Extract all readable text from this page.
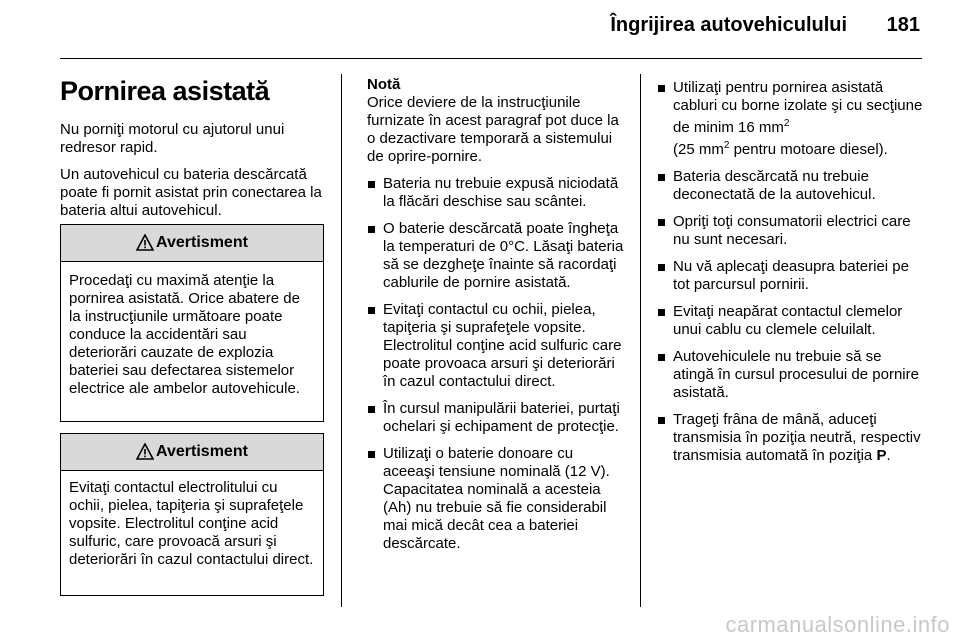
Îngrijirea autovehiculului 181
Pornirea asistată

Nu porniţi motorul cu ajutorul unui redresor rapid.

Un autovehicul cu bateria descărcată poate fi pornit asistat prin conectarea la bateria altui autovehicul.

Avertisment
Procedaţi cu maximă atenţie la pornirea asistată. Orice abatere de la instrucţiunile următoare poate conduce la accidentări sau deteriorări cauzate de explozia bateriei sau defectarea sistemelor electrice ale ambelor autovehicule.
Avertisment
Evitaţi contactul electrolitului cu ochii, pielea, tapiţeria şi suprafeţele vopsite. Electrolitul conţine acid sulfuric, care provoacă arsuri şi deteriorări în cazul contactului direct.
Notă

Orice deviere de la instrucţiunile furnizate în acest paragraf pot duce la o dezactivare temporară a sistemului de oprire-pornire.

Bateria nu trebuie expusă niciodată la flăcări deschise sau scântei.
O baterie descărcată poate îngheţa la temperaturi de 0°C. Lăsaţi bateria să se dezgheţe înainte să racordaţi cablurile de pornire asistată.
Evitaţi contactul cu ochii, pielea, tapiţeria şi suprafeţele vopsite. Electrolitul conţine acid sulfuric care poate provoaca arsuri şi deteriorări în cazul contactului direct.
În cursul manipulării bateriei, purtaţi ochelari şi echipament de protecţie.
Utilizaţi o baterie donoare cu aceeaşi tensiune nominală (12 V). Capacitatea nominală a acesteia (Ah) nu trebuie să fie considerabil mai mică decât cea a bateriei descărcate.
Utilizaţi pentru pornirea asistată cabluri cu borne izolate şi cu secţiune de minim 16 $mm^2$
(25 $mm^2$ pentru motoare diesel).
Bateria descărcată nu trebuie deconectată de la autovehicul.
Opriţi toţi consumatorii electrici care nu sunt necesari.
Nu vă aplecaţi deasupra bateriei pe tot parcursul pornirii.
Evitaţi neapărat contactul clemelor unui cablu cu clemele celuilalt.
Autovehiculele nu trebuie să se atingă în cursul procesului de pornire asistată.
Trageţi frâna de mână, aduceţi transmisia în poziţia neutră, respectiv transmisia automată în poziţia P.
carmanualsonline.info
